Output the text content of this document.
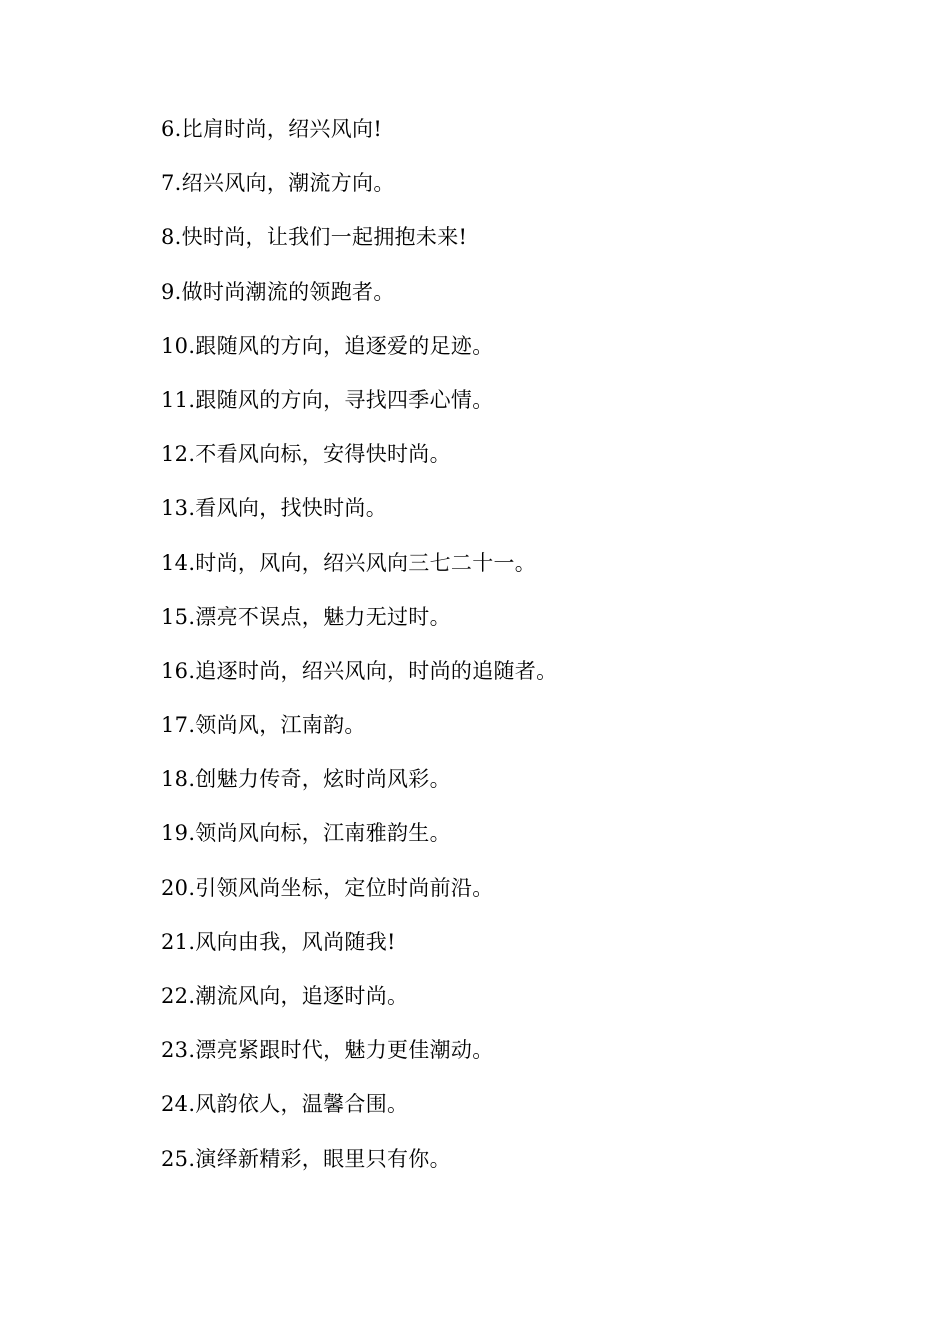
6.比肩时尚，绍兴风向!
7.绍兴风向，潮流方向。
8.快时尚，让我们一起拥抱未来!
9.做时尚潮流的领跑者。
10.跟随风的方向，追逐爱的足迹。
11.跟随风的方向，寻找四季心情。
12.不看风向标，安得快时尚。
13.看风向，找快时尚。
14.时尚，风向，绍兴风向三七二十一。
15.漂亮不误点，魅力无过时。
16.追逐时尚，绍兴风向，时尚的追随者。
17.领尚风，江南韵。
18.创魅力传奇，炫时尚风彩。
19.领尚风向标，江南雅韵生。
20.引领风尚坐标，定位时尚前沿。
21.风向由我，风尚随我!
22.潮流风向，追逐时尚。
23.漂亮紧跟时代，魅力更佳潮动。
24.风韵依人，温馨合围。
25.演绎新精彩，眼里只有你。
